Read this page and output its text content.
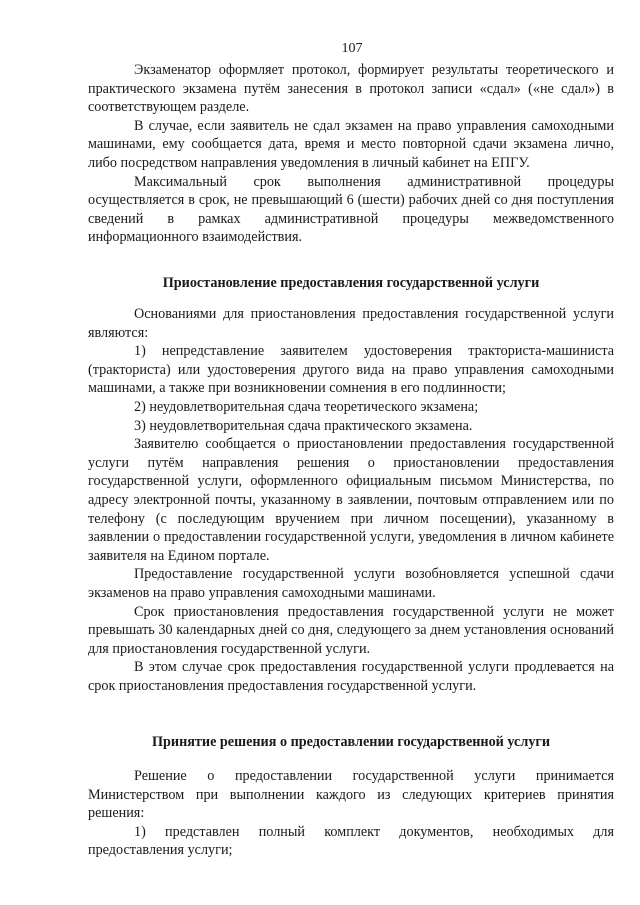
107

Экзаменатор оформляет протокол, формирует результаты теоретического и практического экзамена путём занесения в протокол записи «сдал» («не сдал») в соответствующем разделе.

В случае, если заявитель не сдал экзамен на право управления самоходными машинами, ему сообщается дата, время и место повторной сдачи экзамена лично, либо посредством направления уведомления в личный кабинет на ЕПГУ.

Максимальный срок выполнения административной процедуры осуществляется в срок, не превышающий 6 (шести) рабочих дней со дня поступления сведений в рамках административной процедуры межведомственного информационного взаимодействия.

Приостановление предоставления государственной услуги

Основаниями для приостановления предоставления государственной услуги являются:

1) непредставление заявителем удостоверения тракториста-машиниста (тракториста) или удостоверения другого вида на право управления самоходными машинами, а также при возникновении сомнения в его подлинности;

2) неудовлетворительная сдача теоретического экзамена;

3) неудовлетворительная сдача практического экзамена.

Заявителю сообщается о приостановлении предоставления государственной услуги путём направления решения о приостановлении предоставления государственной услуги, оформленного официальным письмом Министерства, по адресу электронной почты, указанному в заявлении, почтовым отправлением или по телефону (с последующим вручением при личном посещении), указанному в заявлении о предоставлении государственной услуги, уведомления в личном кабинете заявителя на Едином портале.

Предоставление государственной услуги возобновляется успешной сдачи экзаменов на право управления самоходными машинами.

Срок приостановления предоставления государственной услуги не может превышать 30 календарных дней со дня, следующего за днем установления оснований для приостановления государственной услуги.

В этом случае срок предоставления государственной услуги продлевается на срок приостановления предоставления государственной услуги.

Принятие решения о предоставлении государственной услуги

Решение о предоставлении государственной услуги принимается Министерством при выполнении каждого из следующих критериев принятия решения:

1) представлен полный комплект документов, необходимых для предоставления услуги;
